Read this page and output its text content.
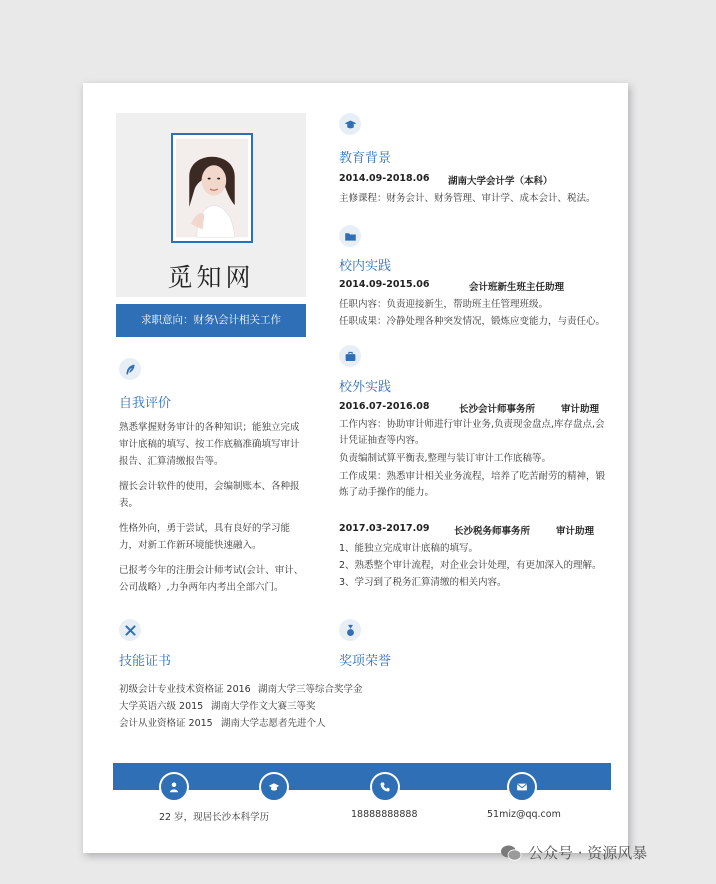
觅知网
求职意向：财务\会计相关工作
自我评价
熟悉掌握财务审计的各种知识；能独立完成审计底稿的填写、按工作底稿准确填写审计报告、汇算清缴报告等。
擅长会计软件的使用，会编制账本、各种报表。
性格外向，勇于尝试，具有良好的学习能力，对新工作新环境能快速融入。
已报考今年的注册会计师考试(会计、审计、公司战略）,力争两年内考出全部六门。
技能证书
初级会计专业技术资格证 2016
大学英语六级 2015
会计从业资格证 2015
奖项荣誉
湖南大学三等综合奖学金
湖南大学作文大赛三等奖
湖南大学志愿者先进个人
教育背景
2014.09-2018.06 湖南大学会计学（本科）
主修课程：财务会计、财务管理、审计学、成本会计、税法。
校内实践
2014.09-2015.06	会计班新生班主任助理
任职内容：负责迎接新生，帮助班主任管理班级。
任职成果：冷静处理各种突发情况，锻炼应变能力，与责任心。
校外实践
2016.07-2016.08	长沙会计师事务所	审计助理
工作内容：协助审计师进行审计业务,负责现金盘点,库存盘点,会计凭证抽查等内容。
负责编制试算平衡表,整理与装订审计工作底稿等。
工作成果：熟悉审计相关业务流程，培养了吃苦耐劳的精神，锻炼了动手操作的能力。
2017.03-2017.09	长沙税务师事务所	审计助理
1、能独立完成审计底稿的填写。
2、熟悉整个审计流程，对企业会计处理，有更加深入的理解。
3、学习到了税务汇算清缴的相关内容。
22 岁，现居长沙本科学历	18888888888	51miz@qq.com
公众号 · 资源风暴
